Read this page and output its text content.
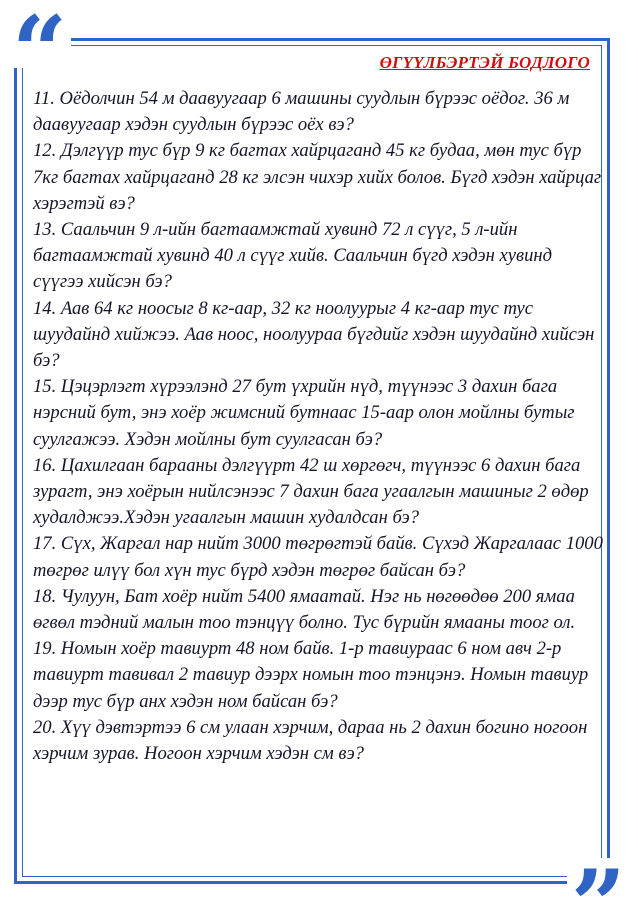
“
”
ӨГҮҮЛБЭРТЭЙ БОДЛОГО

11. Оёдолчин 54 м даавуугаар 6 машины суудлын бүрээс оёдог. 36 м даавуугаар хэдэн суудлын бүрээс оёх вэ?

12. Дэлгүүр тус бүр 9 кг багтах хайрцаганд 45 кг будаа, мөн тус бүр 7кг багтах хайрцаганд 28 кг элсэн чихэр хийх болов. Бүгд хэдэн хайрцаг хэрэгтэй вэ?

13. Саальчин 9 л-ийн багтаамжтай хувинд 72 л сүүг, 5 л-ийн багтаамжтай хувинд 40 л сүүг хийв. Саальчин бүгд хэдэн хувинд сүүгээ хийсэн бэ?

14. Аав 64 кг ноосыг 8 кг-аар, 32 кг ноолуурыг 4 кг-аар тус тус шуудайнд хийжээ. Аав ноос, ноолуураа бүгдийг хэдэн шуудайнд хийсэн бэ?

15. Цэцэрлэгт хүрээлэнд 27 бут үхрийн нүд, түүнээс 3 дахин бага нэрсний бут, энэ хоёр жимсний бутнаас 15-аар олон мойлны бутыг суулгажээ. Хэдэн мойлны бут суулгасан бэ?

16. Цахилгаан барааны дэлгүүрт 42 ш хөргөгч, түүнээс 6 дахин бага зурагт, энэ хоёрын нийлсэнээс 7 дахин бага угаалгын машиныг 2 өдөр худалджээ.Хэдэн угаалгын машин худалдсан бэ?

17. Сүх, Жаргал нар нийт 3000 төгрөгтэй байв. Сүхэд Жаргалаас 1000 төгрөг илүү бол хүн тус бүрд хэдэн төгрөг байсан бэ?

18. Чулуун, Бат хоёр нийт 5400 ямаатай. Нэг нь нөгөөдөө 200 ямаа өгвөл тэдний малын тоо тэнцүү болно. Тус бүрийн ямааны тоог ол.

19. Номын хоёр тавиурт 48 ном байв. 1-р тавиураас 6 ном авч 2-р тавиурт тавивал 2 тавиур дээрх номын тоо тэнцэнэ. Номын тавиур дээр тус бүр анх хэдэн ном байсан бэ?

20. Хүү дэвтэртээ 6 см улаан хэрчим, дараа нь 2 дахин богино ногоон хэрчим зурав. Ногоон хэрчим хэдэн см вэ?
